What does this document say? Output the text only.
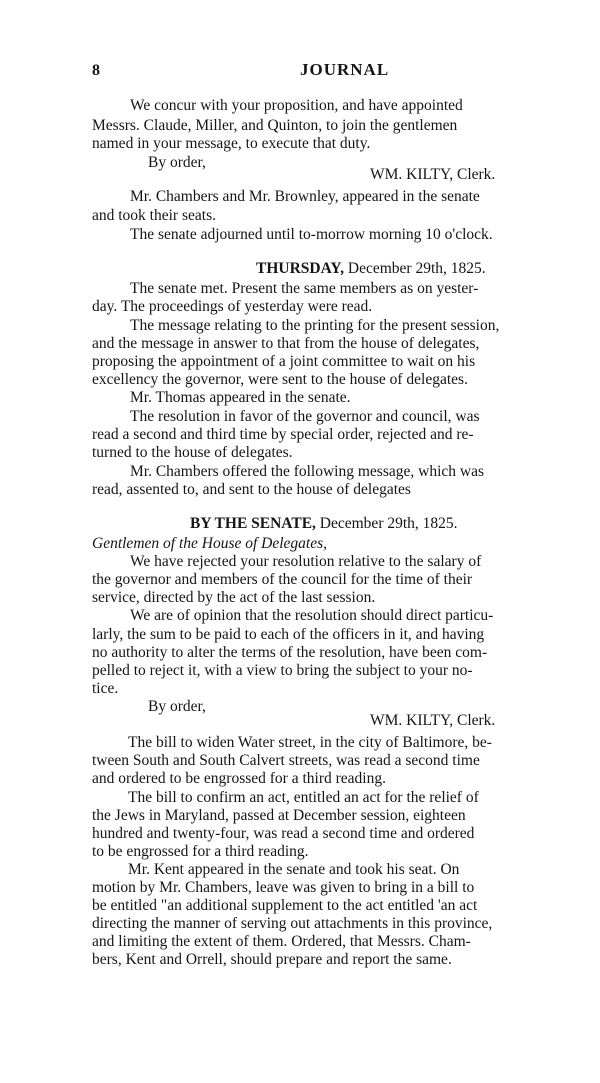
8	JOURNAL
We concur with your proposition, and have appointed
Messrs. Claude, Miller, and Quinton, to join the gentlemen
named in your message, to execute that duty.
By order,
WM. KILTY, Clerk.
Mr. Chambers and Mr. Brownley, appeared in the senate
and took their seats.
The senate adjourned until to-morrow morning 10 o'clock.
THURSDAY, December 29th, 1825.
The senate met. Present the same members as on yester-
day. The proceedings of yesterday were read.
The message relating to the printing for the present session,
and the message in answer to that from the house of delegates,
proposing the appointment of a joint committee to wait on his
excellency the governor, were sent to the house of delegates.
Mr. Thomas appeared in the senate.
The resolution in favor of the governor and council, was
read a second and third time by special order, rejected and re-
turned to the house of delegates.
Mr. Chambers offered the following message, which was
read, assented to, and sent to the house of delegates
BY THE SENATE, December 29th, 1825.
Gentlemen of the House of Delegates,
We have rejected your resolution relative to the salary of
the governor and members of the council for the time of their
service, directed by the act of the last session.
We are of opinion that the resolution should direct particu-
larly, the sum to be paid to each of the officers in it, and having
no authority to alter the terms of the resolution, have been com-
pelled to reject it, with a view to bring the subject to your no-
tice.
By order,
WM. KILTY, Clerk.
The bill to widen Water street, in the city of Baltimore, be-
tween South and South Calvert streets, was read a second time
and ordered to be engrossed for a third reading.
The bill to confirm an act, entitled an act for the relief of
the Jews in Maryland, passed at December session, eighteen
hundred and twenty-four, was read a second time and ordered
to be engrossed for a third reading.
Mr. Kent appeared in the senate and took his seat. On
motion by Mr. Chambers, leave was given to bring in a bill to
be entitled "an additional supplement to the act entitled 'an act
directing the manner of serving out attachments in this province,
and limiting the extent of them. Ordered, that Messrs. Cham-
bers, Kent and Orrell, should prepare and report the same.
